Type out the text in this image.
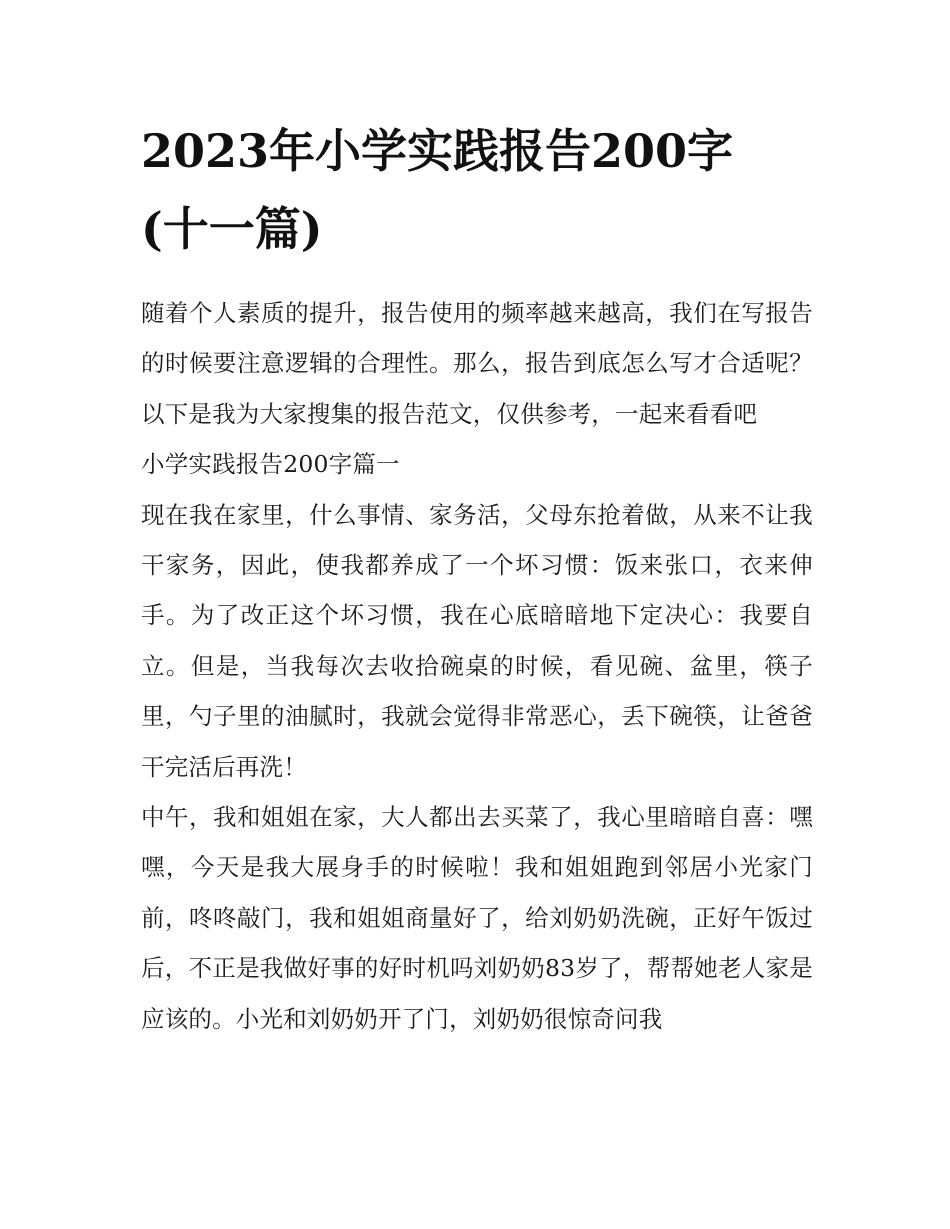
2023年小学实践报告200字
(十一篇)

随着个人素质的提升，报告使用的频率越来越高，我们在写报告的时候要注意逻辑的合理性。那么，报告到底怎么写才合适呢？以下是我为大家搜集的报告范文，仅供参考，一起来看看吧

小学实践报告200字篇一

现在我在家里，什么事情、家务活，父母东抢着做，从来不让我干家务，因此，使我都养成了一个坏习惯：饭来张口，衣来伸手。为了改正这个坏习惯，我在心底暗暗地下定决心：我要自立。但是，当我每次去收拾碗桌的时候，看见碗、盆里，筷子里，勺子里的油腻时，我就会觉得非常恶心，丢下碗筷，让爸爸干完活后再洗！

中午，我和姐姐在家，大人都出去买菜了，我心里暗暗自喜：嘿嘿，今天是我大展身手的时候啦！我和姐姐跑到邻居小光家门前，咚咚敲门，我和姐姐商量好了，给刘奶奶洗碗，正好午饭过后，不正是我做好事的好时机吗刘奶奶83岁了，帮帮她老人家是应该的。小光和刘奶奶开了门，刘奶奶很惊奇问我
